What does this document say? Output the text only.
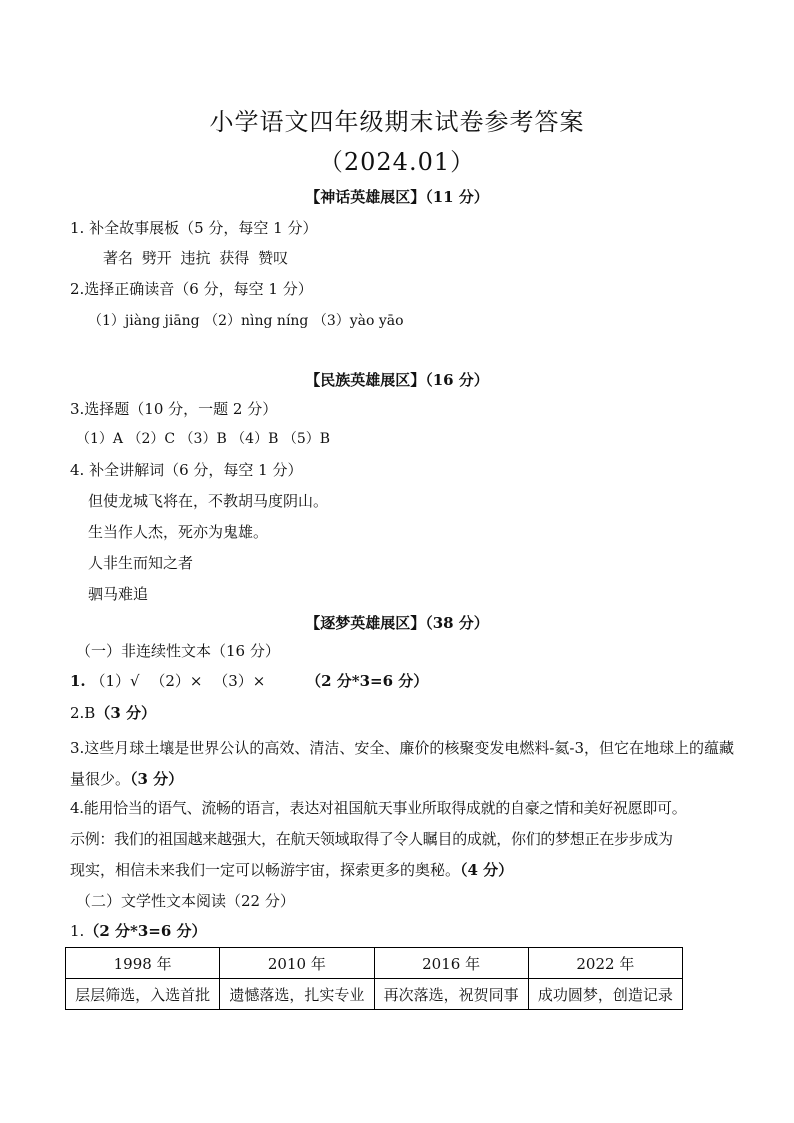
小学语文四年级期末试卷参考答案
（2024.01）
【神话英雄展区】（11 分）
1. 补全故事展板（5 分，每空 1 分）
著名 劈开 违抗 获得 赞叹
2.选择正确读音（6 分，每空 1 分）
（1）jiàng jiāng （2）nìng níng （3）yào yāo
【民族英雄展区】（16 分）
3.选择题（10 分，一题 2 分）
（1）A （2）C （3）B （4）B （5）B
4. 补全讲解词（6 分，每空 1 分）
但使龙城飞将在，不教胡马度阴山。
生当作人杰，死亦为鬼雄。
人非生而知之者
驷马难追
【逐梦英雄展区】（38 分）
（一）非连续性文本（16 分）
1. （1）√ （2）× （3）×	（2 分*3=6 分）
2.B（3 分）
3.这些月球土壤是世界公认的高效、清洁、安全、廉价的核聚变发电燃料-氦-3，但它在地球上的蕴藏量很少。（3 分）
4.能用恰当的语气、流畅的语言，表达对祖国航天事业所取得成就的自豪之情和美好祝愿即可。
示例：我们的祖国越来越强大，在航天领域取得了令人瞩目的成就，你们的梦想正在步步成为
现实，相信未来我们一定可以畅游宇宙，探索更多的奥秘。（4 分）
（二）文学性文本阅读（22 分）
1.（2 分*3=6 分）
1998 年	2010 年	2016 年	2022 年
层层筛选，入选首批	遗憾落选，扎实专业	再次落选，祝贺同事	成功圆梦，创造记录
